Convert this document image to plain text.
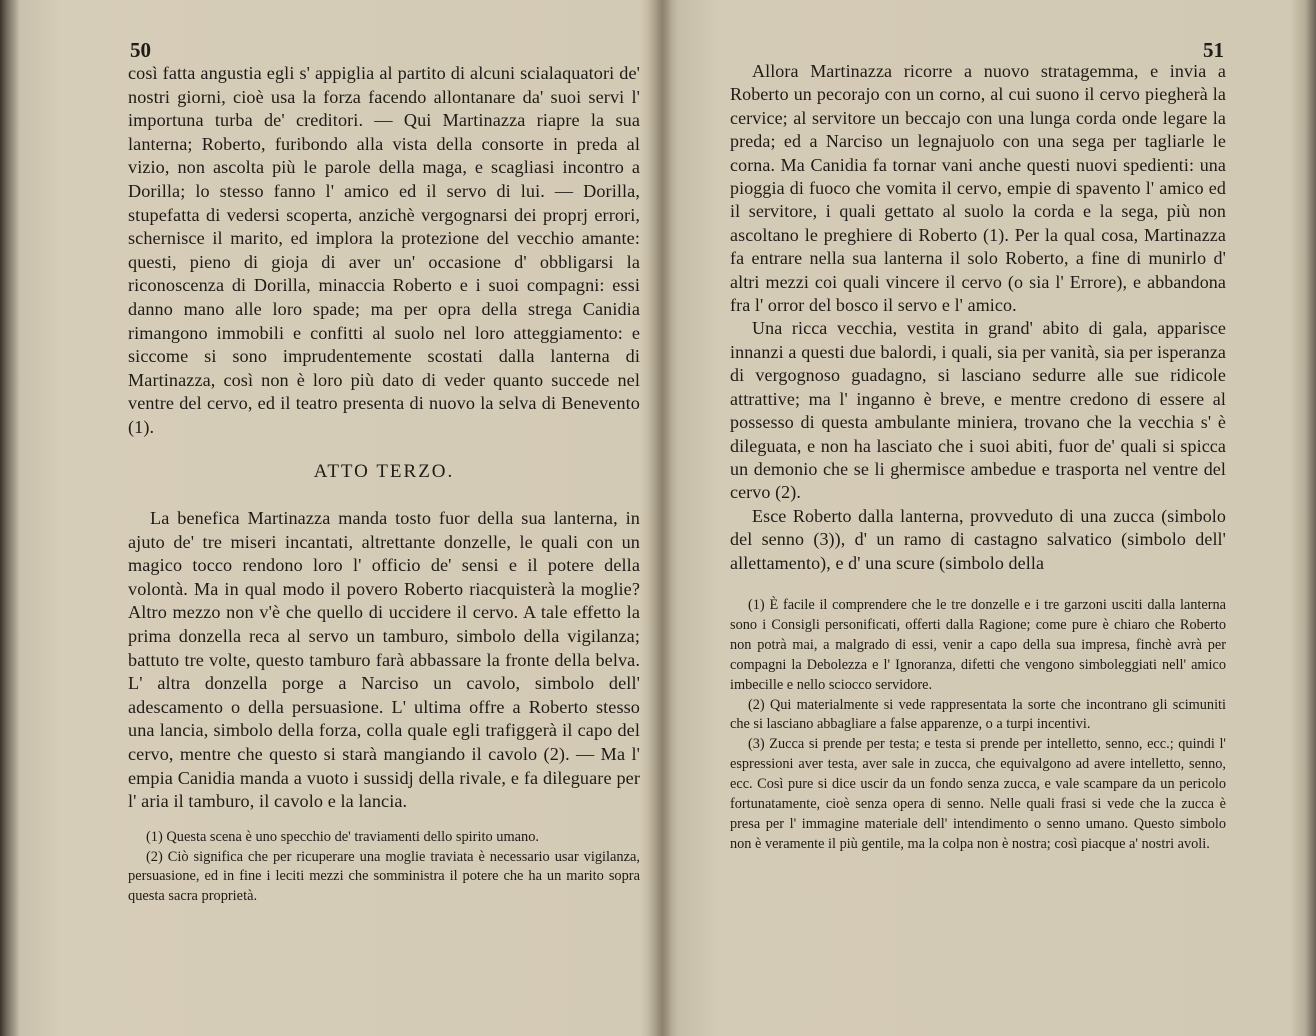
50

così fatta angustia egli s' appiglia al partito di alcuni scialaquatori de' nostri giorni, cioè usa la forza facendo allontanare da' suoi servi l' importuna turba de' creditori. — Qui Martinazza riapre la sua lanterna; Roberto, furibondo alla vista della consorte in preda al vizio, non ascolta più le parole della maga, e scagliasi incontro a Dorilla; lo stesso fanno l' amico ed il servo di lui. — Dorilla, stupefatta di vedersi scoperta, anzichè vergognarsi dei proprj errori, schernisce il marito, ed implora la protezione del vecchio amante: questi, pieno di gioja di aver un' occasione d' obbligarsi la riconoscenza di Dorilla, minaccia Roberto e i suoi compagni: essi danno mano alle loro spade; ma per opra della strega Canidia rimangono immobili e confitti al suolo nel loro atteggiamento: e siccome si sono imprudentemente scostati dalla lanterna di Martinazza, così non è loro più dato di veder quanto succede nel ventre del cervo, ed il teatro presenta di nuovo la selva di Benevento (1).

ATTO TERZO.

La benefica Martinazza manda tosto fuor della sua lanterna, in ajuto de' tre miseri incantati, altrettante donzelle, le quali con un magico tocco rendono loro l' officio de' sensi e il potere della volontà. Ma in qual modo il povero Roberto riacquisterà la moglie? Altro mezzo non v'è che quello di uccidere il cervo. A tale effetto la prima donzella reca al servo un tamburo, simbolo della vigilanza; battuto tre volte, questo tamburo farà abbassare la fronte della belva. L' altra donzella porge a Narciso un cavolo, simbolo dell' adescamento o della persuasione. L' ultima offre a Roberto stesso una lancia, simbolo della forza, colla quale egli trafiggerà il capo del cervo, mentre che questo si starà mangiando il cavolo (2). — Ma l' empia Canidia manda a vuoto i sussidj della rivale, e fa dileguare per l' aria il tamburo, il cavolo e la lancia.

(1) Questa scena è uno specchio de' traviamenti dello spirito umano.

(2) Ciò significa che per ricuperare una moglie traviata è necessario usar vigilanza, persuasione, ed in fine i leciti mezzi che somministra il potere che ha un marito sopra questa sacra proprietà.

51

Allora Martinazza ricorre a nuovo stratagemma, e invia a Roberto un pecorajo con un corno, al cui suono il cervo piegherà la cervice; al servitore un beccajo con una lunga corda onde legare la preda; ed a Narciso un legnajuolo con una sega per tagliarle le corna. Ma Canidia fa tornar vani anche questi nuovi spedienti: una pioggia di fuoco che vomita il cervo, empie di spavento l' amico ed il servitore, i quali gettato al suolo la corda e la sega, più non ascoltano le preghiere di Roberto (1). Per la qual cosa, Martinazza fa entrare nella sua lanterna il solo Roberto, a fine di munirlo d' altri mezzi coi quali vincere il cervo (o sia l' Errore), e abbandona fra l' orror del bosco il servo e l' amico.

Una ricca vecchia, vestita in grand' abito di gala, apparisce innanzi a questi due balordi, i quali, sia per vanità, sia per isperanza di vergognoso guadagno, si lasciano sedurre alle sue ridicole attrattive; ma l' inganno è breve, e mentre credono di essere al possesso di questa ambulante miniera, trovano che la vecchia s' è dileguata, e non ha lasciato che i suoi abiti, fuor de' quali si spicca un demonio che se li ghermisce ambedue e trasporta nel ventre del cervo (2).

Esce Roberto dalla lanterna, provveduto di una zucca (simbolo del senno (3)), d' un ramo di castagno salvatico (simbolo dell' allettamento), e d' una scure (simbolo della

(1) È facile il comprendere che le tre donzelle e i tre garzoni usciti dalla lanterna sono i Consigli personificati, offerti dalla Ragione; come pure è chiaro che Roberto non potrà mai, a malgrado di essi, venir a capo della sua impresa, finchè avrà per compagni la Debolezza e l' Ignoranza, difetti che vengono simboleggiati nell' amico imbecille e nello sciocco servidore.

(2) Qui materialmente si vede rappresentata la sorte che incontrano gli scimuniti che si lasciano abbagliare a false apparenze, o a turpi incentivi.

(3) Zucca si prende per testa; e testa si prende per intelletto, senno, ecc.; quindi l' espressioni aver testa, aver sale in zucca, che equivalgono ad avere intelletto, senno, ecc. Così pure si dice uscir da un fondo senza zucca, e vale scampare da un pericolo fortunatamente, cioè senza opera di senno. Nelle quali frasi si vede che la zucca è presa per l' immagine materiale dell' intendimento o senno umano. Questo simbolo non è veramente il più gentile, ma la colpa non è nostra; così piacque a' nostri avoli.
